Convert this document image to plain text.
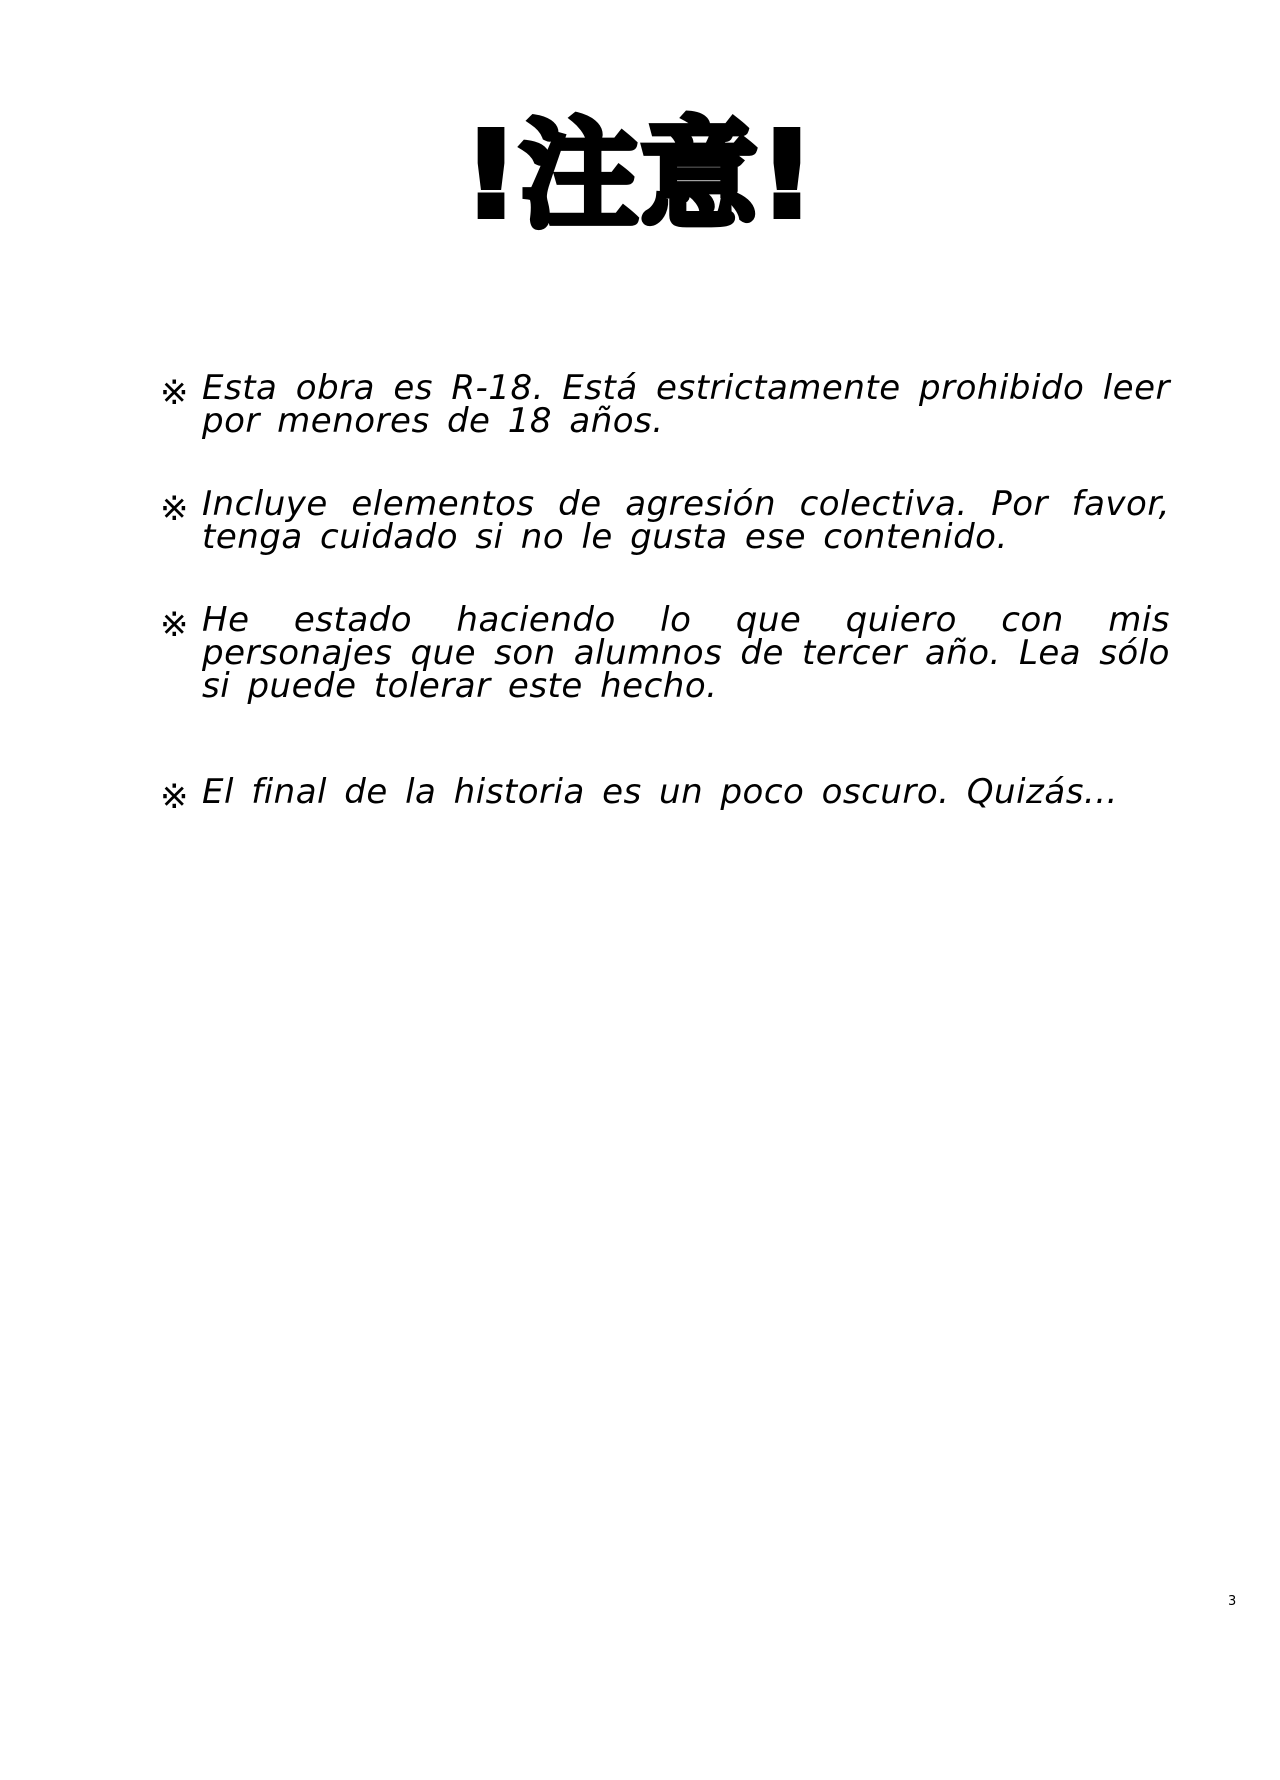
!注意!
※ Esta obra es R-18. Está estrictamente prohibido leer por menores de 18 años.
※ Incluye elementos de agresión colectiva. Por favor, tenga cuidado si no le gusta ese contenido.
※ He estado haciendo lo que quiero con mis personajes que son alumnos de tercer año. Lea sólo si puede tolerar este hecho.
※ El final de la historia es un poco oscuro. Quizás...
3
